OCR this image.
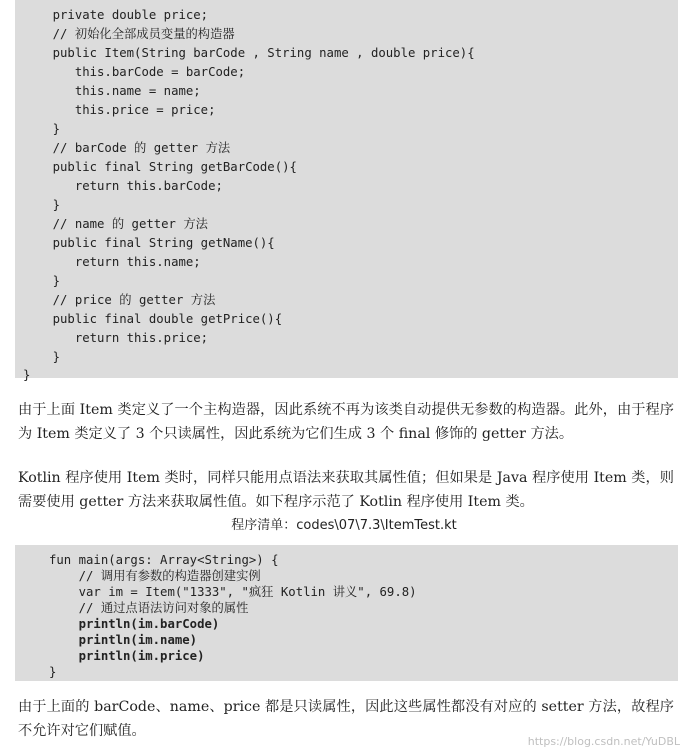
private double price;
// 初始化全部成员变量的构造器
public Item(String barCode , String name , double price){
this.barCode = barCode;
this.name = name;
this.price = price;
}
// barCode 的 getter 方法
public final String getBarCode(){
return this.barCode;
}
// name 的 getter 方法
public final String getName(){
return this.name;
}
// price 的 getter 方法
public final double getPrice(){
return this.price;
}
}

由于上面 Item 类定义了一个主构造器，因此系统不再为该类自动提供无参数的构造器。此外，由于程序为 Item 类定义了 3 个只读属性，因此系统为它们生成 3 个 final 修饰的 getter 方法。

Kotlin 程序使用 Item 类时，同样只能用点语法来获取其属性值；但如果是 Java 程序使用 Item 类，则需要使用 getter 方法来获取属性值。如下程序示范了 Kotlin 程序使用 Item 类。

程序清单：codes\07\7.3\ItemTest.kt
fun main(args: Array<String>) {
// 调用有参数的构造器创建实例
var im = Item("1333", "疯狂 Kotlin 讲义", 69.8)
// 通过点语法访问对象的属性
println(im.barCode)
println(im.name)
println(im.price)
}

由于上面的 barCode、name、price 都是只读属性，因此这些属性都没有对应的 setter 方法，故程序不允许对它们赋值。

https://blog.csdn.net/YuDBL
